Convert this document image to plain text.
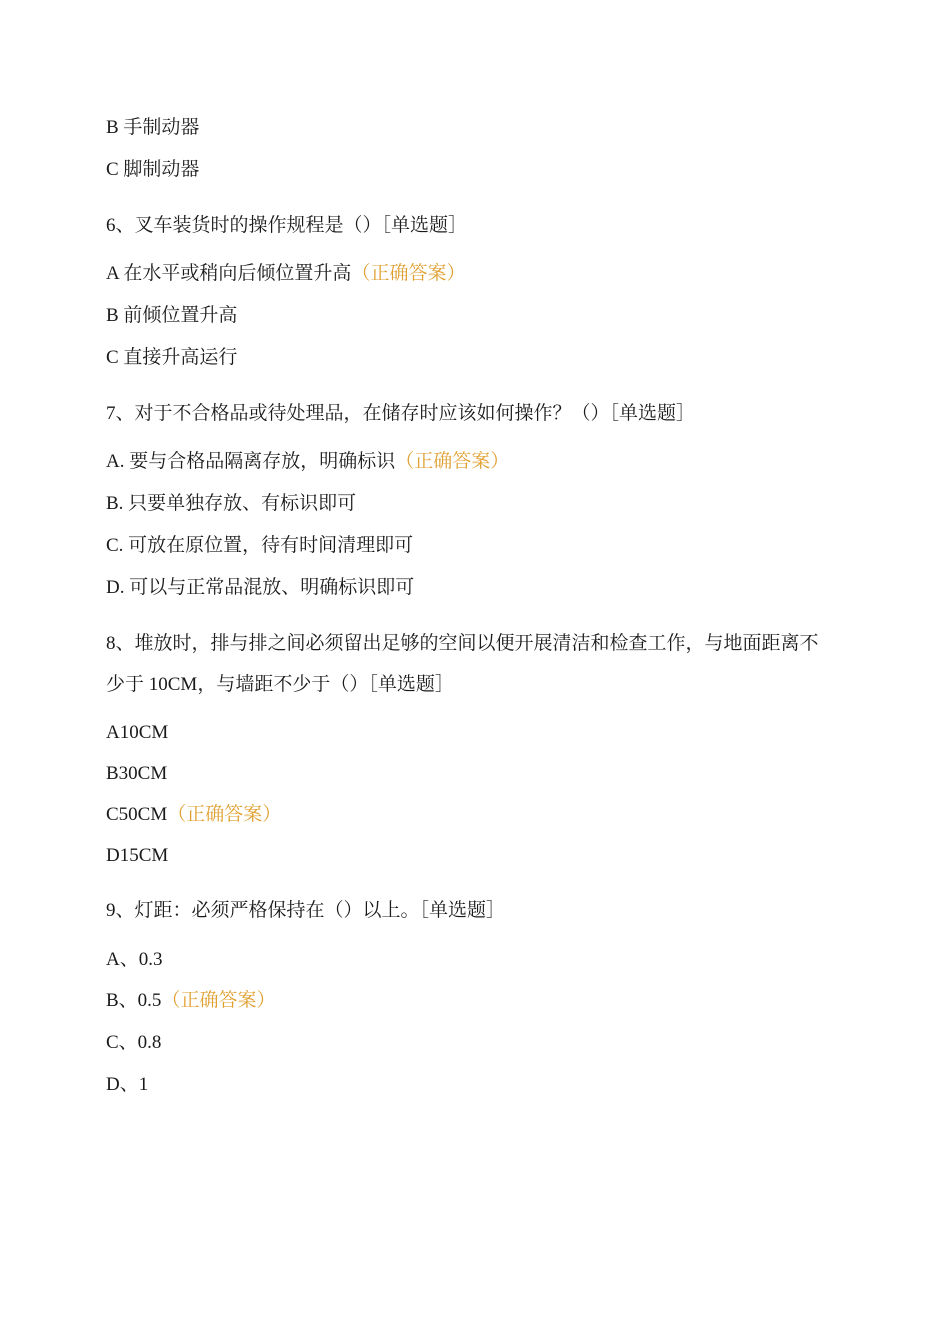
B 手制动器
C 脚制动器
6、叉车装货时的操作规程是（）［单选题］
A 在水平或稍向后倾位置升高（正确答案）
B 前倾位置升高
C 直接升高运行
7、对于不合格品或待处理品，在储存时应该如何操作？（）［单选题］
A. 要与合格品隔离存放，明确标识（正确答案）
B. 只要单独存放、有标识即可
C. 可放在原位置，待有时间清理即可
D. 可以与正常品混放、明确标识即可
8、堆放时，排与排之间必须留出足够的空间以便开展清洁和检查工作，与地面距离不少于 10CM，与墙距不少于（）［单选题］
A10CM
B30CM
C50CM（正确答案）
D15CM
9、灯距：必须严格保持在（）以上。［单选题］
A、0.3
B、0.5（正确答案）
C、0.8
D、1
